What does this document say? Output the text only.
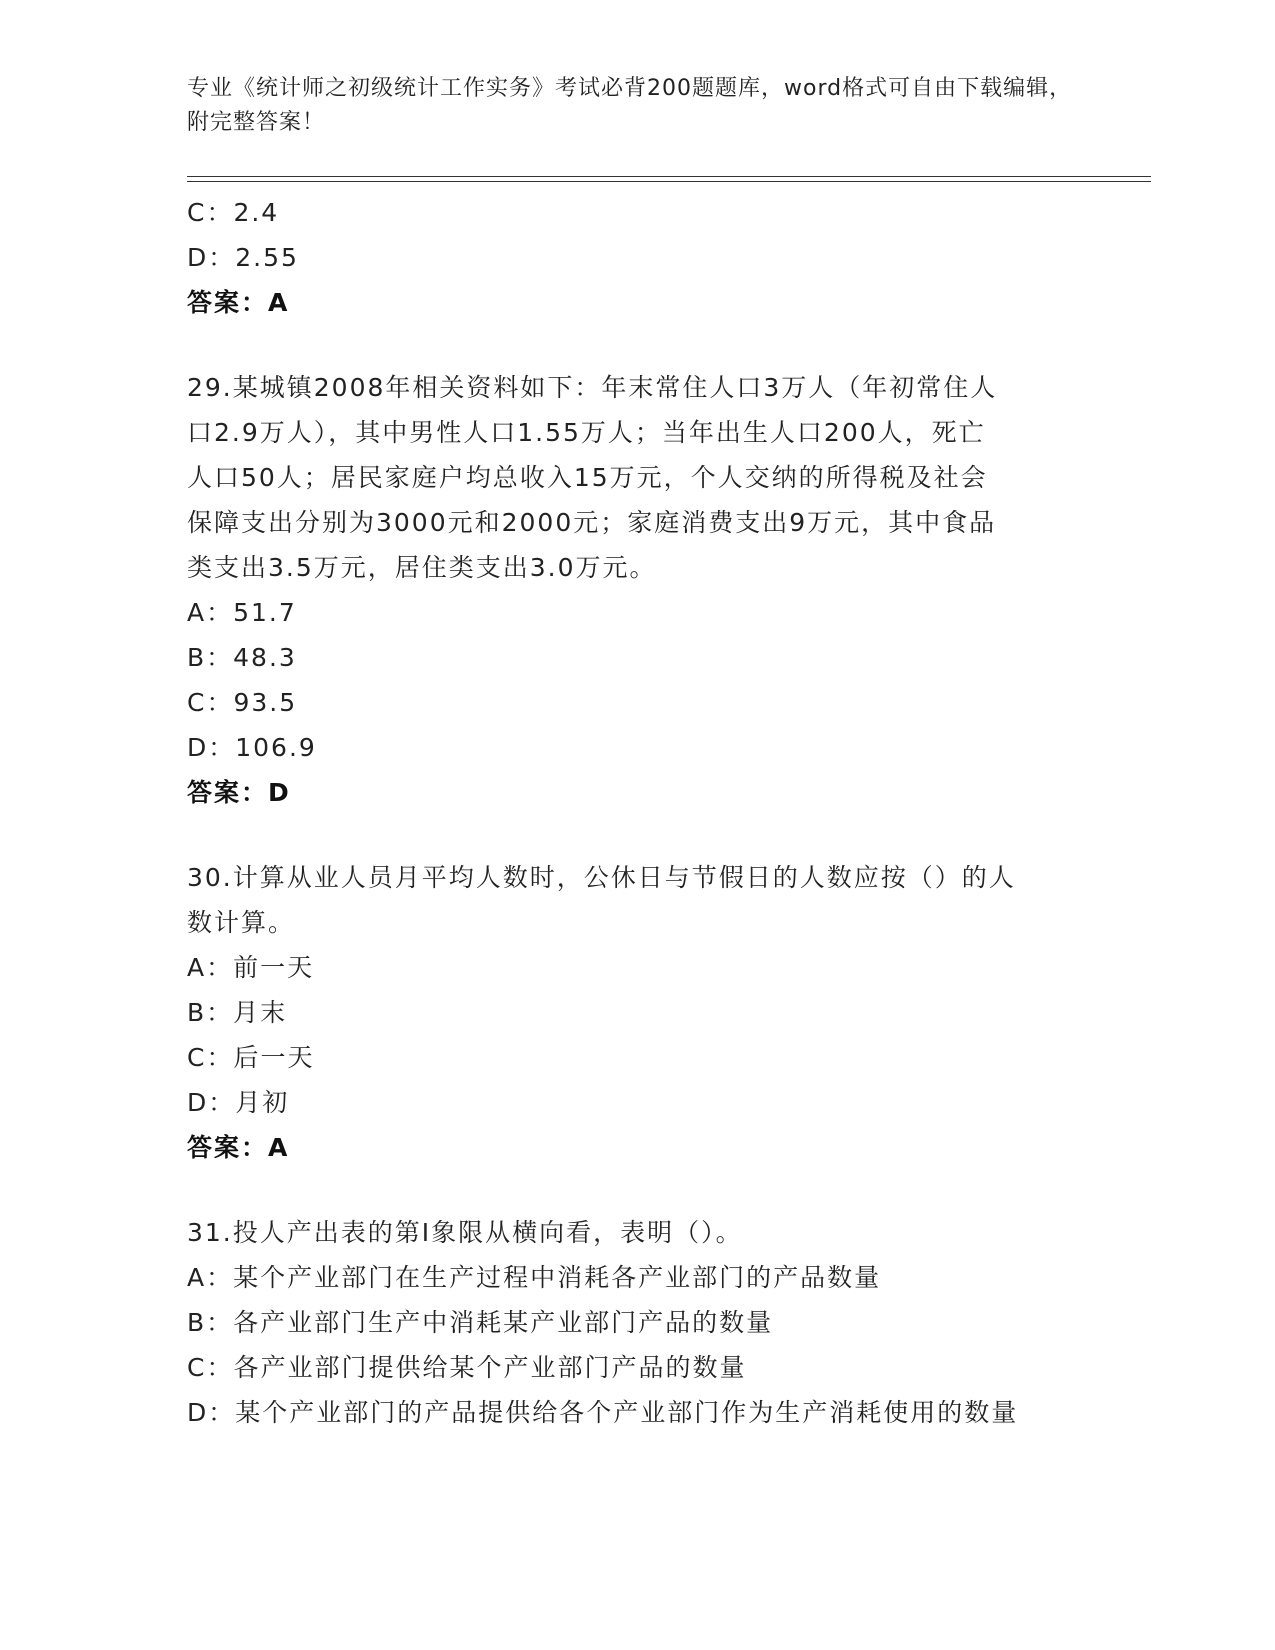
专业《统计师之初级统计工作实务》考试必背200题题库，word格式可自由下载编辑，附完整答案！
C：2.4
D：2.55
答案：A
29.某城镇2008年相关资料如下：年末常住人口3万人（年初常住人
口2.9万人），其中男性人口1.55万人；当年出生人口200人，死亡
人口50人；居民家庭户均总收入15万元，个人交纳的所得税及社会
保障支出分别为3000元和2000元；家庭消费支出9万元，其中食品
类支出3.5万元，居住类支出3.0万元。
A：51.7
B：48.3
C：93.5
D：106.9
答案：D
30.计算从业人员月平均人数时，公休日与节假日的人数应按（）的人
数计算。
A：前一天
B：月末
C：后一天
D：月初
答案：A
31.投人产出表的第Ⅰ象限从横向看，表明（）。
A：某个产业部门在生产过程中消耗各产业部门的产品数量
B：各产业部门生产中消耗某产业部门产品的数量
C：各产业部门提供给某个产业部门产品的数量
D：某个产业部门的产品提供给各个产业部门作为生产消耗使用的数量
